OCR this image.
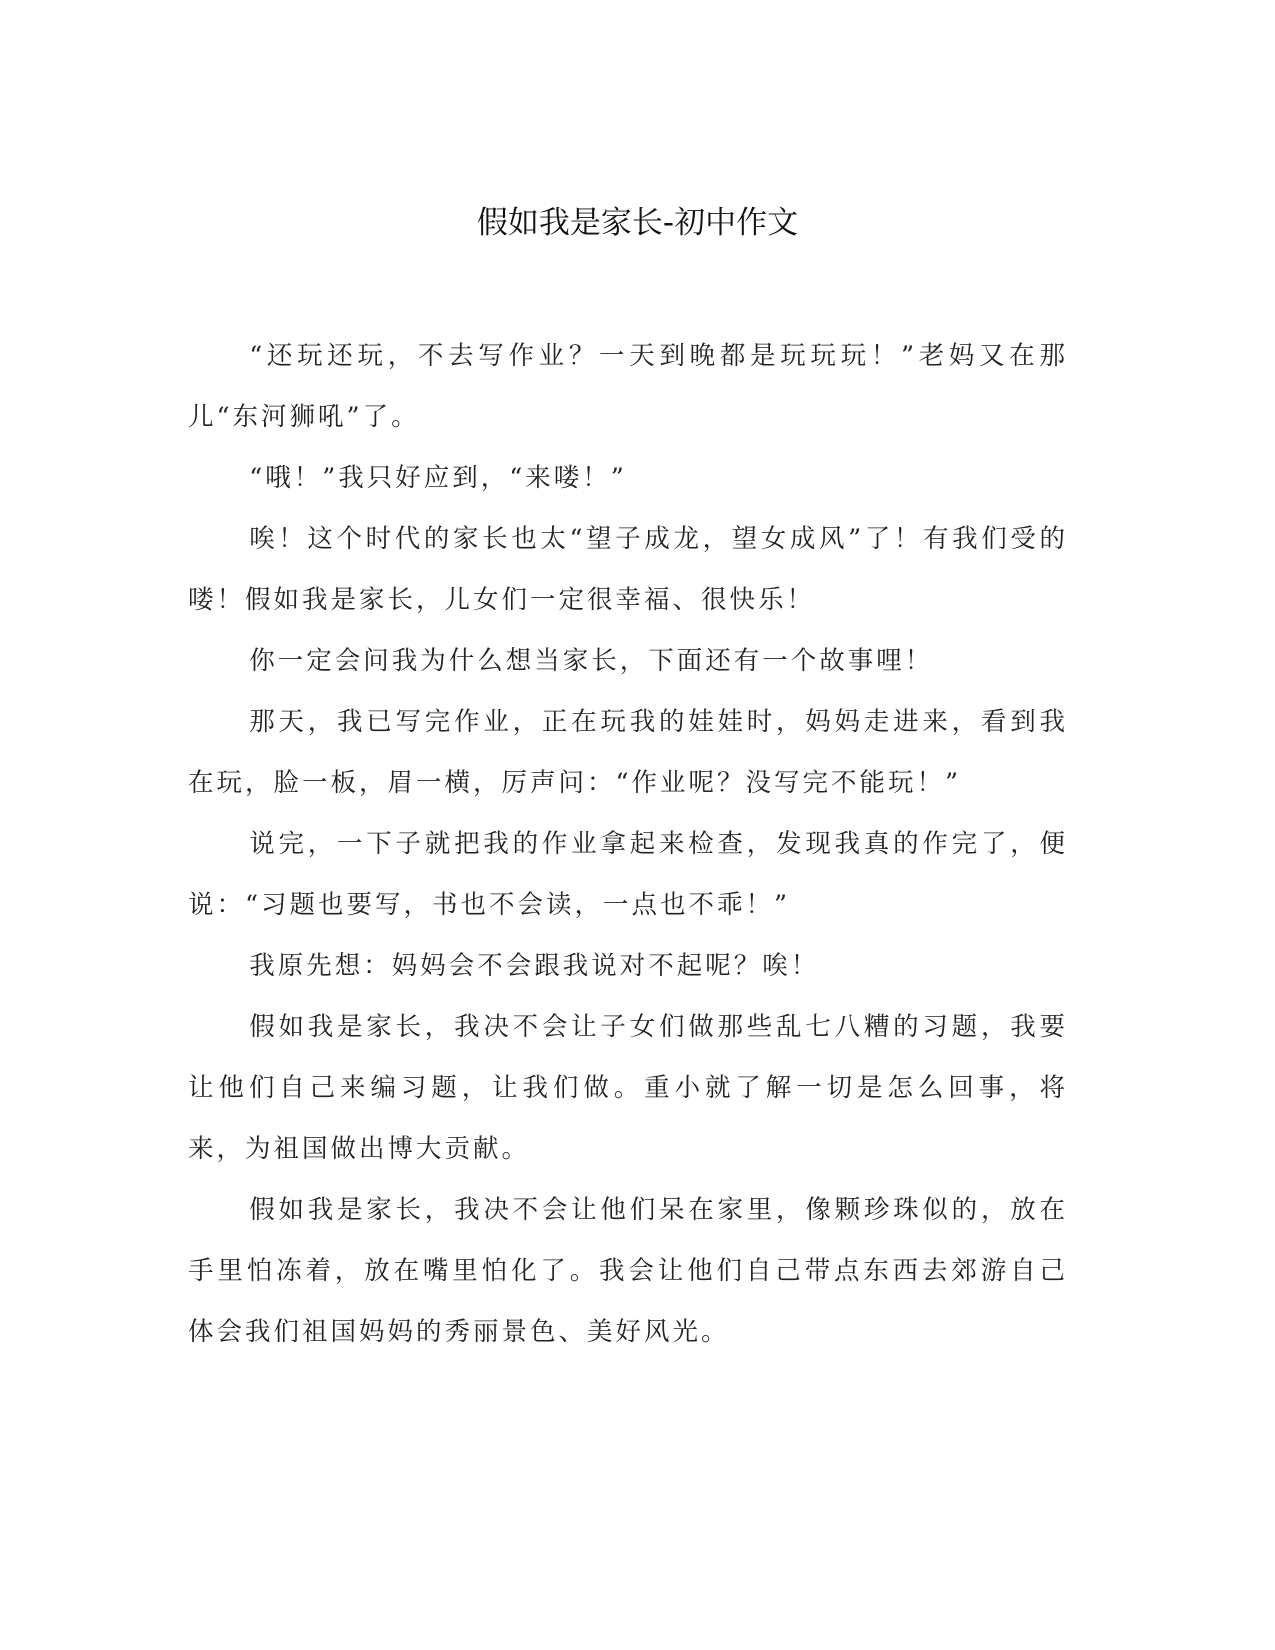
假如我是家长-初中作文

“还玩还玩，不去写作业？一天到晚都是玩玩玩！”老妈又在那儿“东河狮吼”了。

“哦！”我只好应到，“来喽！”

唉！这个时代的家长也太“望子成龙，望女成风”了！有我们受的喽！假如我是家长，儿女们一定很幸福、很快乐！

你一定会问我为什么想当家长，下面还有一个故事哩！

那天，我已写完作业，正在玩我的娃娃时，妈妈走进来，看到我在玩，脸一板，眉一横，厉声问：“作业呢？没写完不能玩！”

说完，一下子就把我的作业拿起来检查，发现我真的作完了，便说：“习题也要写，书也不会读，一点也不乖！”

我原先想：妈妈会不会跟我说对不起呢？唉！

假如我是家长，我决不会让子女们做那些乱七八糟的习题，我要让他们自己来编习题，让我们做。重小就了解一切是怎么回事，将来，为祖国做出博大贡献。

假如我是家长，我决不会让他们呆在家里，像颗珍珠似的，放在手里怕冻着，放在嘴里怕化了。我会让他们自己带点东西去郊游自己体会我们祖国妈妈的秀丽景色、美好风光。
